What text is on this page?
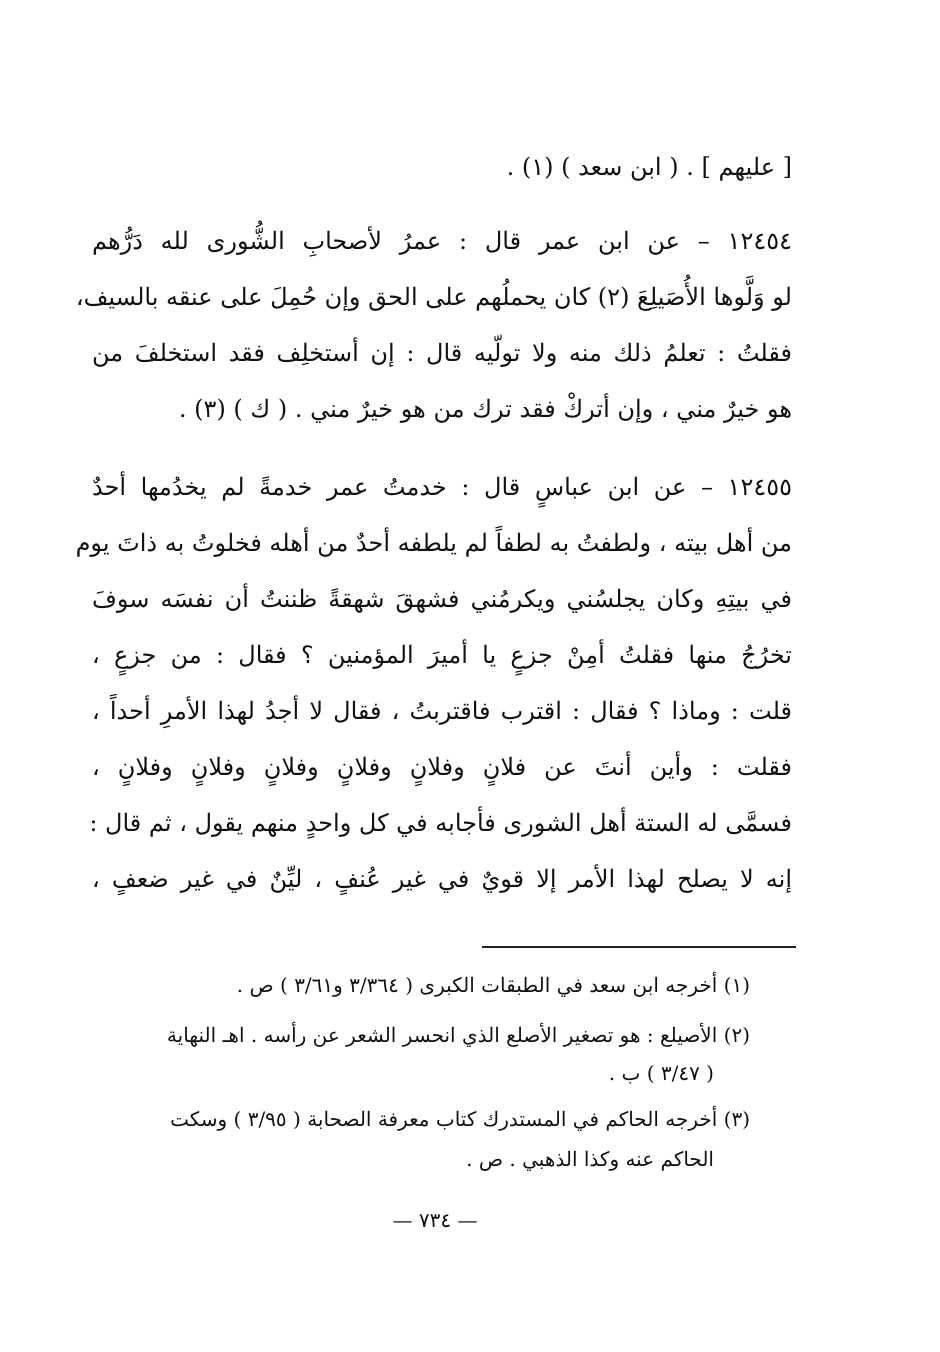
[ عليهم ] . ( ابن سعد ) (١) .
١٢٤٥٤ – عن ابن عمر قال : عمرُ لأصحابِ الشُّورى لله دَرُّهم
لو وَلَّوها الأُصَيلِعَ (٢) كان يحملُهم على الحق وإن حُمِلَ على عنقه بالسيف،
فقلتُ : تعلمُ ذلك منه ولا تولّيه قال : إن أستخلِف فقد استخلفَ من
هو خيرٌ مني ، وإن أتركْ فقد ترك من هو خيرٌ مني . ( ك ) (٣) .
١٢٤٥٥ – عن ابن عباسٍ قال : خدمتُ عمر خدمةً لم يخدُمها أحدٌ
من أهل بيته ، ولطفتُ به لطفاً لم يلطفه أحدٌ من أهله فخلوتُ به ذاتَ يوم
في بيتِهِ وكان يجلسُني ويكرمُني فشهقَ شهقةً ظننتُ أن نفسَه سوفَ
تخرُجُ منها فقلتُ أمِنْ جزعٍ يا أميرَ المؤمنين ؟ فقال : من جزعٍ ،
قلت : وماذا ؟ فقال : اقترب فاقتربتُ ، فقال لا أجدُ لهذا الأمرِ أحداً ،
فقلت : وأين أنتَ عن فلانٍ وفلانٍ وفلانٍ وفلانٍ وفلانٍ وفلانٍ ،
فسمَّى له الستة أهل الشورى فأجابه في كل واحدٍ منهم يقول ، ثم قال :
إنه لا يصلح لهذا الأمر إلا قويٌ في غير عُنفٍ ، ليِّنٌ في غير ضعفٍ ،
(١) أخرجه ابن سعد في الطبقات الكبرى ( ٣/٣٦٤ و٣/٦١ ) ص .
(٢) الأصيلع : هو تصغير الأصلع الذي انحسر الشعر عن رأسه . اهـ النهاية
( ٣/٤٧ ) ب .
(٣) أخرجه الحاكم في المستدرك كتاب معرفة الصحابة ( ٣/٩٥ ) وسكت
الحاكم عنه وكذا الذهبي . ص .
— ٧٣٤ —
